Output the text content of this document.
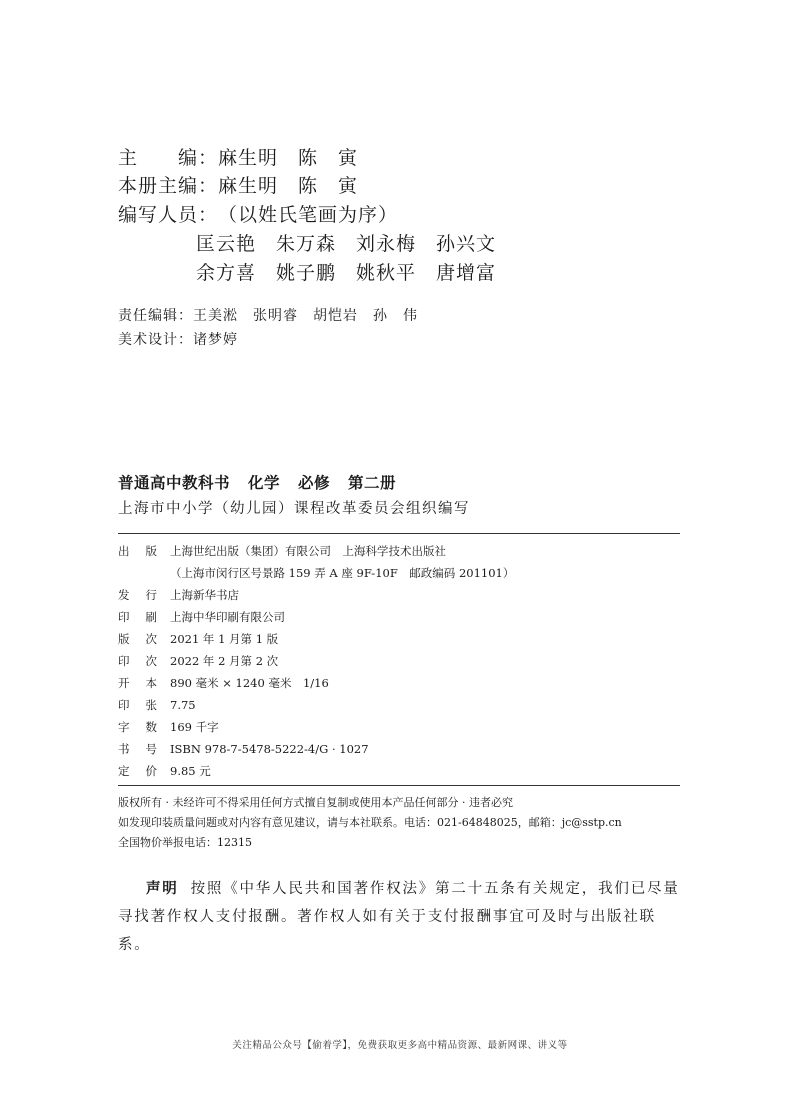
主　　编：麻生明　陈　寅
本册主编：麻生明　陈　寅
编写人员：（以姓氏笔画为序）
匡云艳 朱万森 刘永梅 孙兴文
余方喜 姚子鹏 姚秋平 唐增富
责任编辑：王美淞　张明睿　胡恺岩　孙　伟
美术设计：诸梦婷
普通高中教科书 化学 必修 第二册
上海市中小学（幼儿园）课程改革委员会组织编写
出版上海世纪出版（集团）有限公司　上海科学技术出版社
（上海市闵行区号景路 159 弄 A 座 9F-10F　邮政编码 201101）
发行上海新华书店
印刷上海中华印刷有限公司
版次2021 年 1 月第 1 版
印次2022 年 2 月第 2 次
开本890 毫米 × 1240 毫米　1/16
印张7.75
字数169 千字
书号ISBN 978-7-5478-5222-4/G · 1027
定价9.85 元
版权所有 · 未经许可不得采用任何方式擅自复制或使用本产品任何部分 · 违者必究
如发现印装质量问题或对内容有意见建议，请与本社联系。电话：021-64848025，邮箱：jc@sstp.cn
全国物价举报电话：12315
声明 按照《中华人民共和国著作权法》第二十五条有关规定，我们已尽量寻找著作权人支付报酬。著作权人如有关于支付报酬事宜可及时与出版社联系。
关注精品公众号【偷着学】，免费获取更多高中精品资源、最新网课、讲义等
